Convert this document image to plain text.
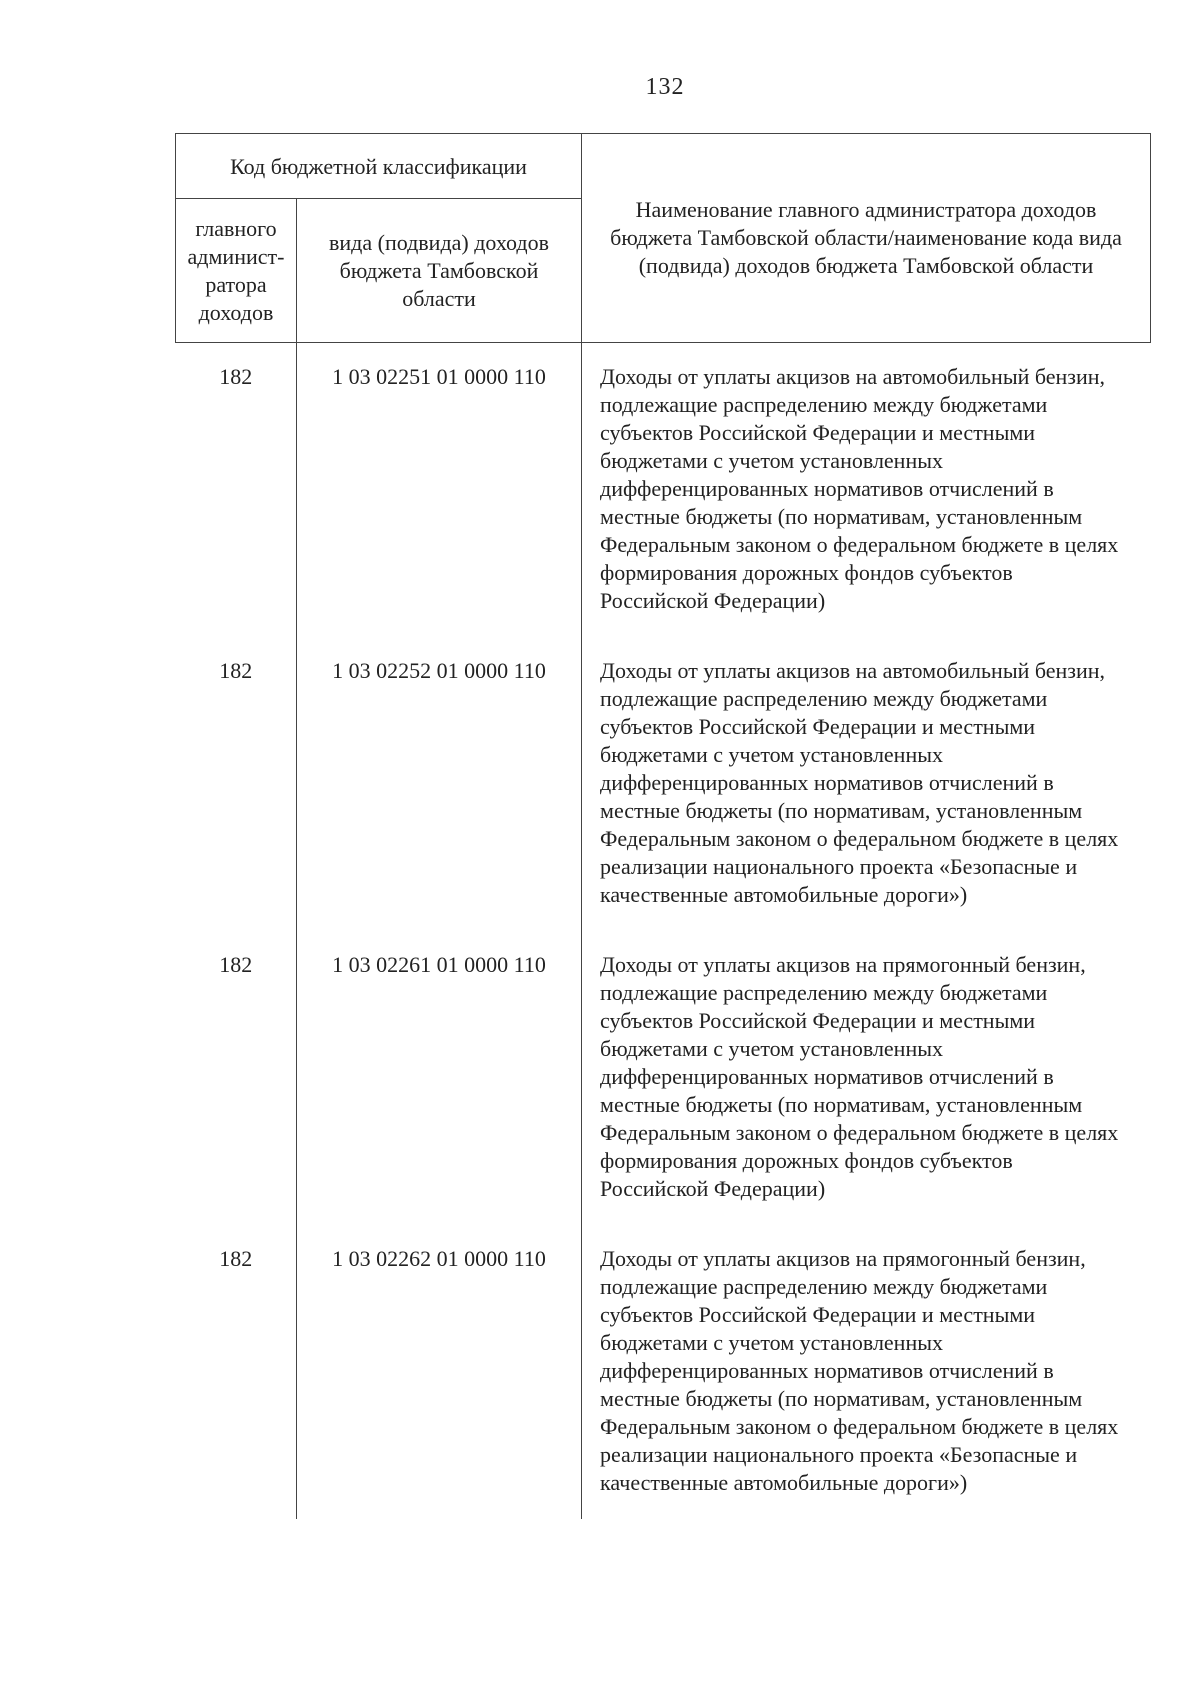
132
Код бюджетной классификации		Наименование главного администратора доходов бюджета Тамбовской области/наименование кода вида (подвида) доходов бюджета Тамбовской области
главного админист-ратора доходов	вида (подвида) доходов бюджета Тамбовской области	
182	1 03 02251 01 0000 110	Доходы от уплаты акцизов на автомобильный бензин, подлежащие распределению между бюджетами субъектов Российской Федерации и местными бюджетами с учетом установленных дифференцированных нормативов отчислений в местные бюджеты (по нормативам, установленным Федеральным законом о федеральном бюджете в целях формирования дорожных фондов субъектов Российской Федерации)
182	1 03 02252 01 0000 110	Доходы от уплаты акцизов на автомобильный бензин, подлежащие распределению между бюджетами субъектов Российской Федерации и местными бюджетами с учетом установленных дифференцированных нормативов отчислений в местные бюджеты (по нормативам, установленным Федеральным законом о федеральном бюджете в целях реализации национального проекта «Безопасные и качественные автомобильные дороги»)
182	1 03 02261 01 0000 110	Доходы от уплаты акцизов на прямогонный бензин, подлежащие распределению между бюджетами субъектов Российской Федерации и местными бюджетами с учетом установленных дифференцированных нормативов отчислений в местные бюджеты (по нормативам, установленным Федеральным законом о федеральном бюджете в целях формирования дорожных фондов субъектов Российской Федерации)
182	1 03 02262 01 0000 110	Доходы от уплаты акцизов на прямогонный бензин, подлежащие распределению между бюджетами субъектов Российской Федерации и местными бюджетами с учетом установленных дифференцированных нормативов отчислений в местные бюджеты (по нормативам, установленным Федеральным законом о федеральном бюджете в целях реализации национального проекта «Безопасные и качественные автомобильные дороги»)
